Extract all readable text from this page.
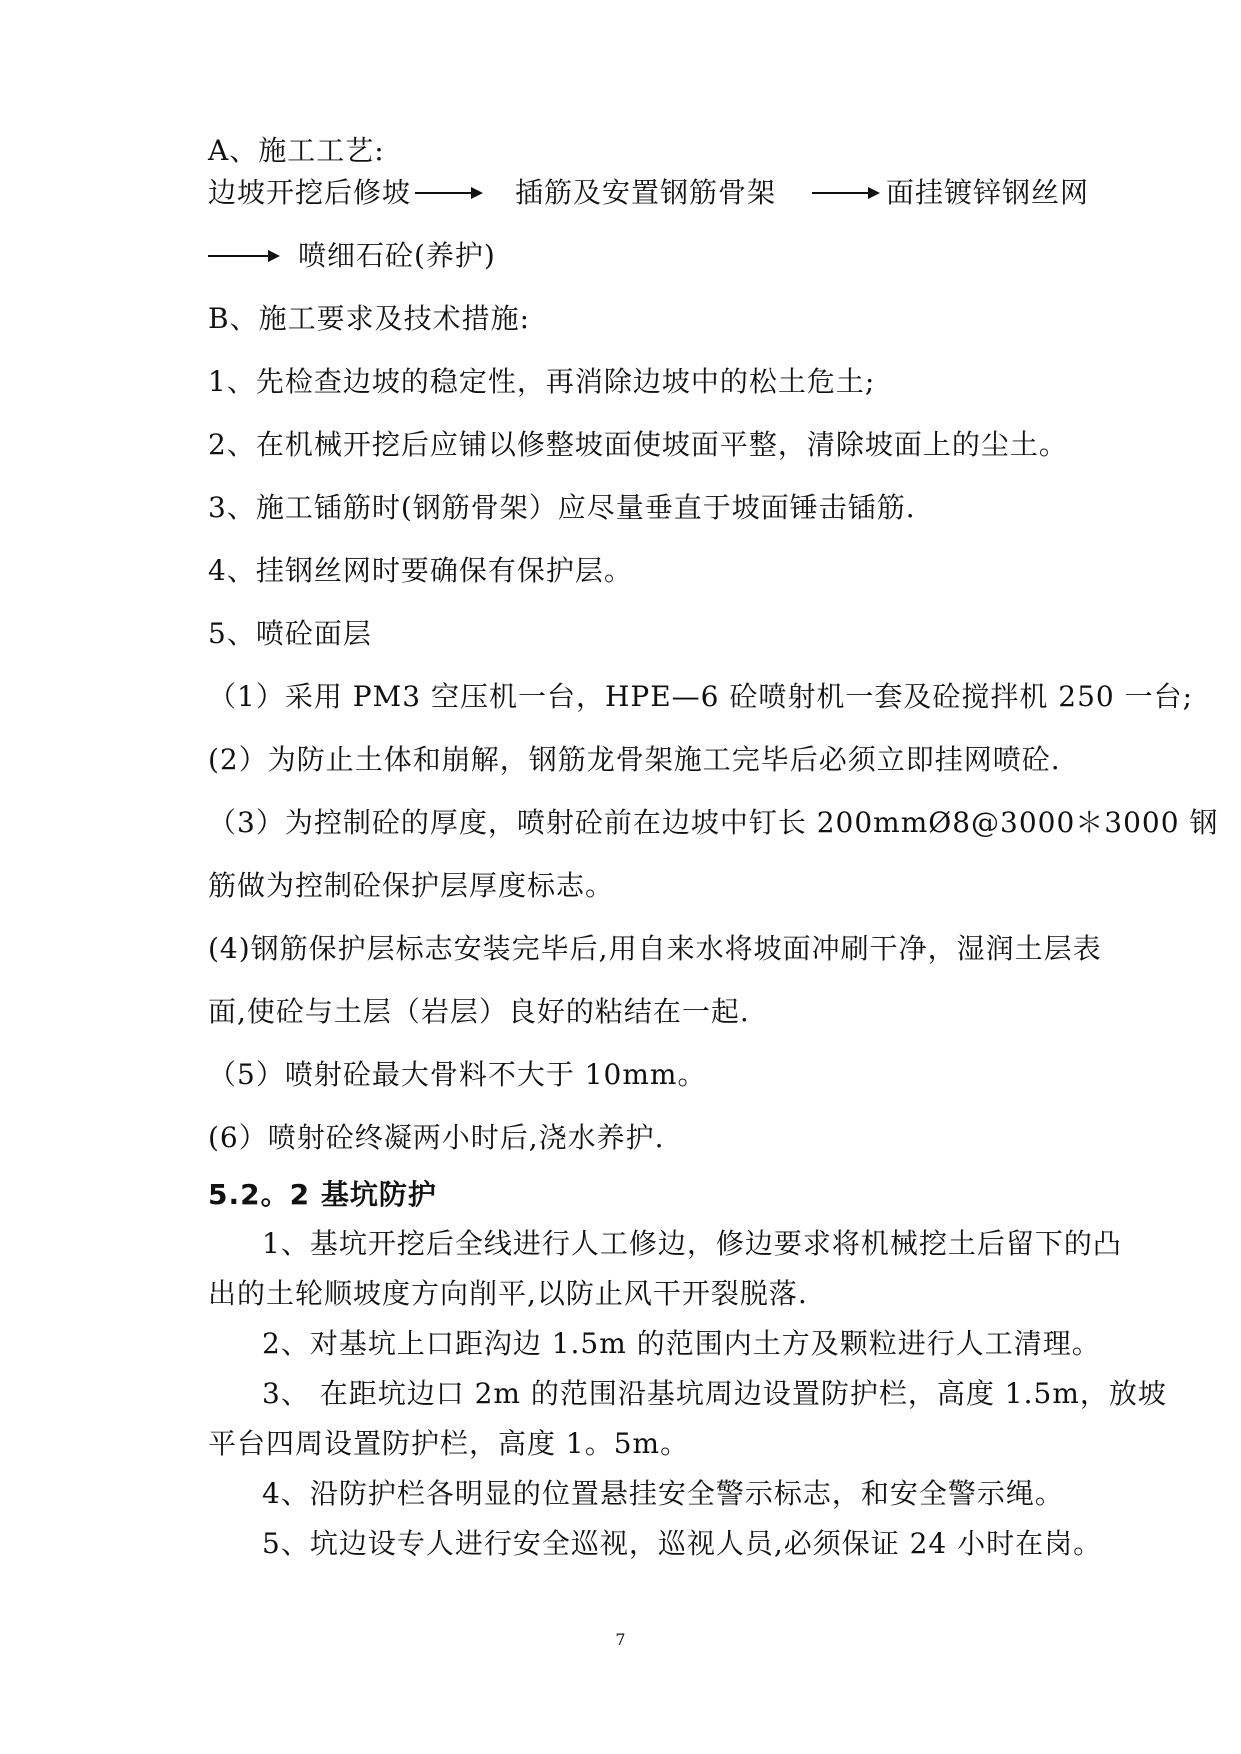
A、施工工艺:
边坡开挖后修坡	插筋及安置钢筋骨架	面挂镀锌钢丝网
喷细石砼(养护)
B、施工要求及技术措施:
1、先检查边坡的稳定性，再消除边坡中的松土危土;
2、在机械开挖后应铺以修整坡面使坡面平整，清除坡面上的尘土。
3、施工锸筋时(钢筋骨架）应尽量垂直于坡面锤击锸筋.
4、挂钢丝网时要确保有保护层。
5、喷砼面层
（1）采用 PM3 空压机一台，HPE—6 砼喷射机一套及砼搅拌机 250 一台;
(2）为防止土体和崩解，钢筋龙骨架施工完毕后必须立即挂网喷砼.
（3）为控制砼的厚度，喷射砼前在边坡中钉长 200mmØ8@3000＊3000 钢
筋做为控制砼保护层厚度标志。
(4)钢筋保护层标志安装完毕后,用自来水将坡面冲刷干净，湿润土层表
面,使砼与土层（岩层）良好的粘结在一起.
（5）喷射砼最大骨料不大于 10mm。
(6）喷射砼终凝两小时后,浇水养护.
5.2。2 基坑防护
1、基坑开挖后全线进行人工修边，修边要求将机械挖土后留下的凸
出的土轮顺坡度方向削平,以防止风干开裂脱落.
2、对基坑上口距沟边 1.5m 的范围内土方及颗粒进行人工清理。
3、 在距坑边口 2m 的范围沿基坑周边设置防护栏，高度 1.5m，放坡
平台四周设置防护栏，高度 1。5m。
4、沿防护栏各明显的位置悬挂安全警示标志，和安全警示绳。
5、坑边设专人进行安全巡视，巡视人员,必须保证 24 小时在岗。
7
